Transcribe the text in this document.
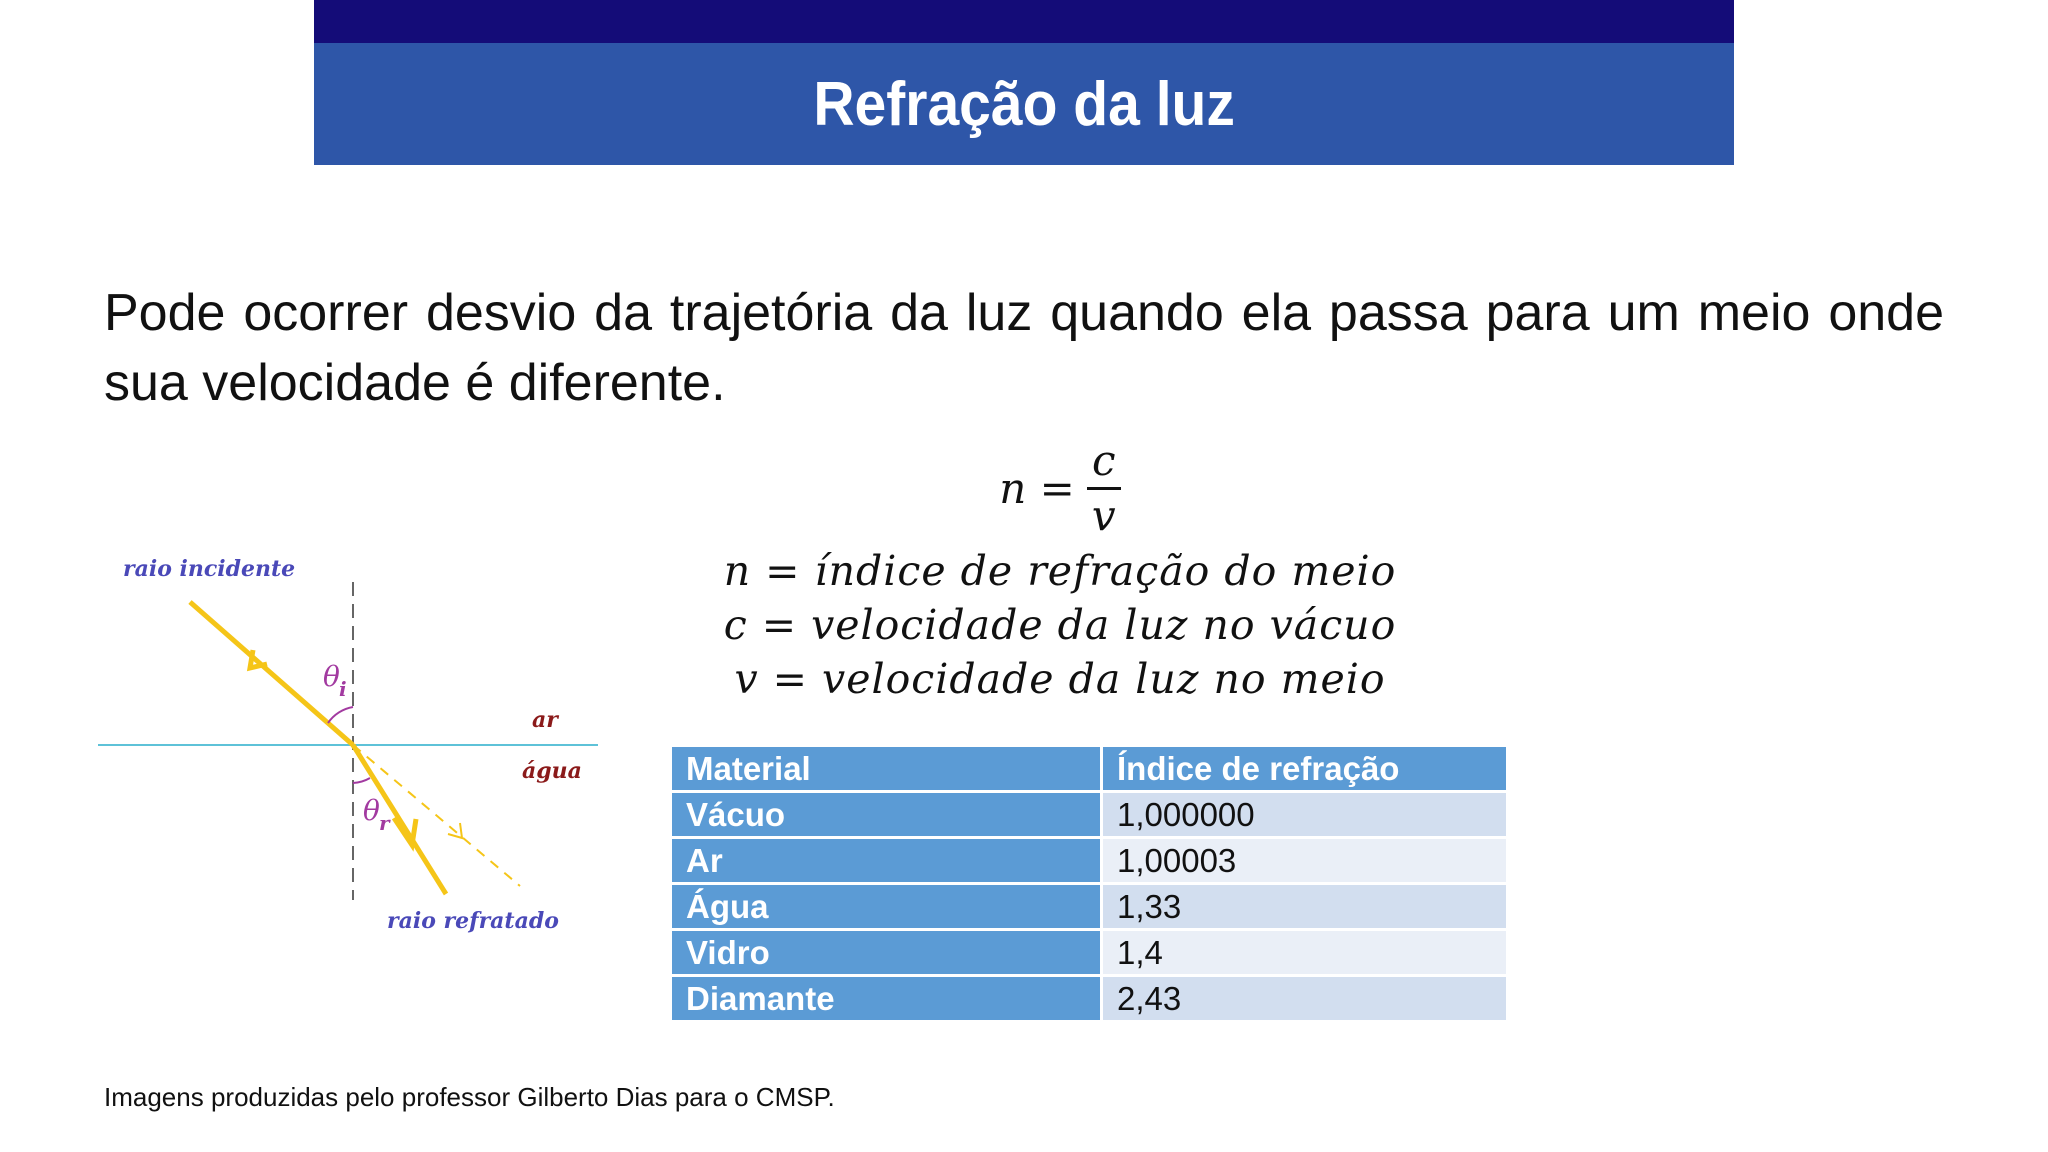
Refração da luz

Pode ocorrer desvio da trajetória da luz quando ela passa para um meio onde sua velocidade é diferente.

$n = \frac{c}{v}$
n = índice de refração do meio
c = velocidade da luz no vácuo
v = velocidade da luz no meio
raio incidente
raio refratado
ar
água
θ i
θ r
Material	Índice de refração
Vácuo	1,000000
Ar	1,00003
Água	1,33
Vidro	1,4
Diamante	2,43
Imagens produzidas pelo professor Gilberto Dias para o CMSP.
